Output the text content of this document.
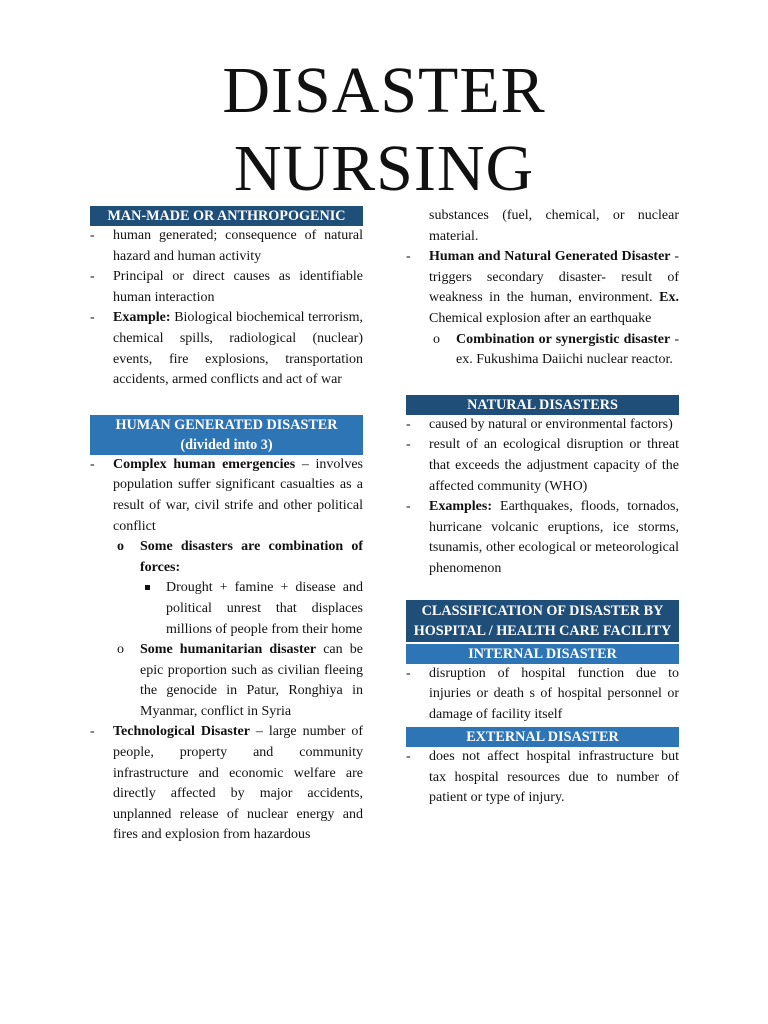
DISASTER
NURSING
MAN-MADE OR ANTHROPOGENIC
- human generated; consequence of natural hazard and human activity
- Principal or direct causes as identifiable human interaction
- Example: Biological biochemical terrorism, chemical spills, radiological (nuclear) events, fire explosions, transportation accidents, armed conflicts and act of war
HUMAN GENERATED DISASTER
(divided into 3)
- Complex human emergencies – involves population suffer significant casualties as a result of war, civil strife and other political conflict
o Some disasters are combination of forces:
Drought + famine + disease and political unrest that displaces millions of people from their home
o Some humanitarian disaster can be epic proportion such as civilian fleeing the genocide in Patur, Ronghiya in Myanmar, conflict in Syria
- Technological Disaster – large number of people, property and community infrastructure and economic welfare are directly affected by major accidents, unplanned release of nuclear energy and fires and explosion from hazardous
substances (fuel, chemical, or nuclear material.
- Human and Natural Generated Disaster - triggers secondary disaster- result of weakness in the human, environment. Ex. Chemical explosion after an earthquake
o Combination or synergistic disaster - ex. Fukushima Daiichi nuclear reactor.
NATURAL DISASTERS
- caused by natural or environmental factors)
- result of an ecological disruption or threat that exceeds the adjustment capacity of the affected community (WHO)
- Examples: Earthquakes, floods, tornados, hurricane volcanic eruptions, ice storms, tsunamis, other ecological or meteorological phenomenon
CLASSIFICATION OF DISASTER BY HOSPITAL / HEALTH CARE FACILITY
INTERNAL DISASTER
- disruption of hospital function due to injuries or death s of hospital personnel or damage of facility itself
EXTERNAL DISASTER
- does not affect hospital infrastructure but tax hospital resources due to number of patient or type of injury.
